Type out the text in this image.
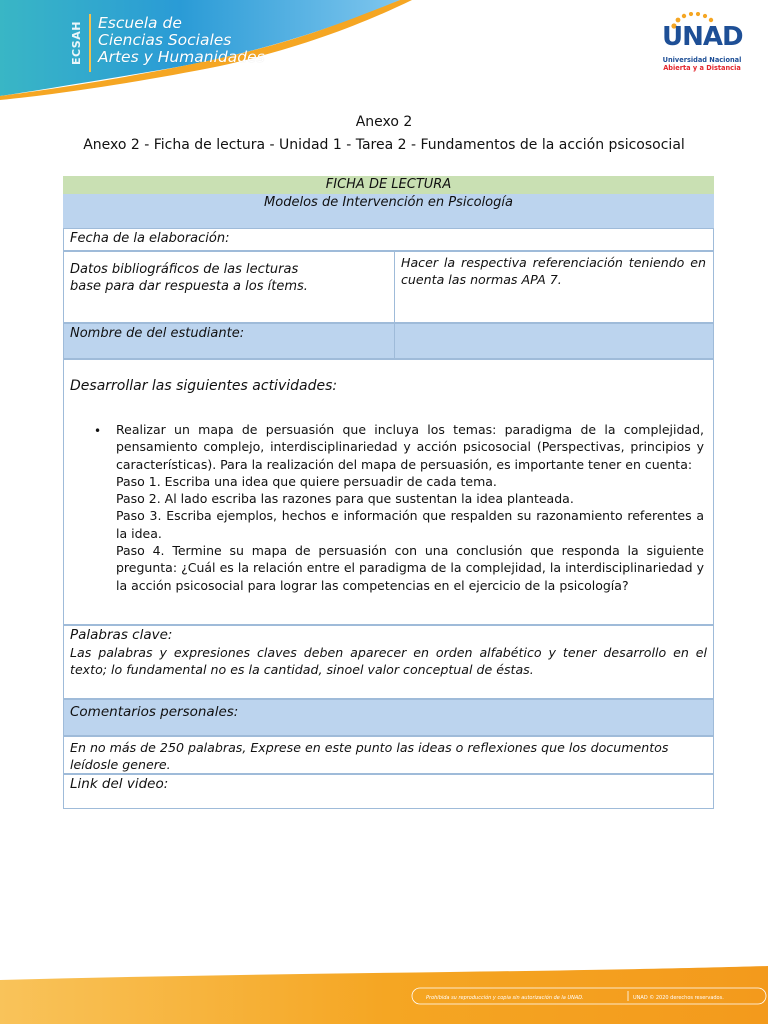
ECSAH Escuela de
Ciencias Sociales
Artes y Humanidades
UNAD
Universidad Nacional
Abierta y a Distancia
Anexo 2
Anexo 2 - Ficha de lectura - Unidad 1 - Tarea 2 - Fundamentos de la acción psicosocial
FICHA DE LECTURA
Modelos de Intervención en Psicología
Fecha de la elaboración:
Datos bibliográficos de las lecturas base para dar respuesta a los ítems.
Hacer la respectiva referenciación teniendo en cuenta las normas APA 7.
Nombre de del estudiante:
Desarrollar las siguientes actividades:
• Realizar un mapa de persuasión que incluya los temas: paradigma de la complejidad, pensamiento complejo, interdisciplinariedad y acción psicosocial (Perspectivas, principios y características). Para la realización del mapa de persuasión, es importante tener en cuenta:
Paso 1. Escriba una idea que quiere persuadir de cada tema.
Paso 2. Al lado escriba las razones para que sustentan la idea planteada.
Paso 3. Escriba ejemplos, hechos e información que respalden su razonamiento referentes a la idea.
Paso 4. Termine su mapa de persuasión con una conclusión que responda la siguiente pregunta: ¿Cuál es la relación entre el paradigma de la complejidad, la interdisciplinariedad y la acción psicosocial para lograr las competencias en el ejercicio de la psicología?
Palabras clave:
Las palabras y expresiones claves deben aparecer en orden alfabético y tener desarrollo en el texto; lo fundamental no es la cantidad, sinoel valor conceptual de éstas.
Comentarios personales:
En no más de 250 palabras, Exprese en este punto las ideas o reflexiones que los documentos leídosle genere.
Link del video:
Prohibida su reproducción y copia sin autorización de la UNAD.	UNAD © 2020 derechos reservados.
